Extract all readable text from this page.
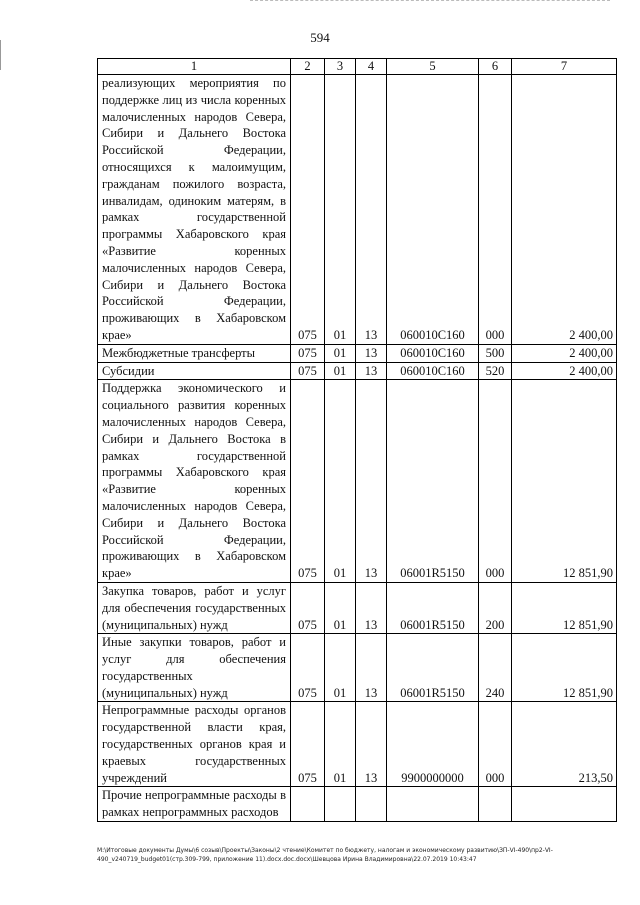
594
1	2	3	4	5	6	7
реализующих мероприятия по поддержке лиц из числа коренных малочисленных народов Севера, Сибири и Дальнего Востока Российской Федерации, относящихся к малоимущим, гражданам пожилого возраста, инвалидам, одиноким матерям, в рамках государственной программы Хабаровского края «Развитие коренных малочисленных народов Севера, Сибири и Дальнего Востока Российской Федерации, проживающих в Хабаровском крае»	075	01	13	060010С160	000	2 400,00
Межбюджетные трансферты	075	01	13	060010С160	500	2 400,00
Субсидии	075	01	13	060010С160	520	2 400,00
Поддержка экономического и социального развития коренных малочисленных народов Севера, Сибири и Дальнего Востока в рамках государственной программы Хабаровского края «Развитие коренных малочисленных народов Севера, Сибири и Дальнего Востока Российской Федерации, проживающих в Хабаровском крае»	075	01	13	06001R5150	000	12 851,90
Закупка товаров, работ и услуг для обеспечения государственных (муниципальных) нужд	075	01	13	06001R5150	200	12 851,90
Иные закупки товаров, работ и услуг для обеспечения государственных (муниципальных) нужд	075	01	13	06001R5150	240	12 851,90
Непрограммные расходы органов государственной власти края, государственных органов края и краевых государственных учреждений	075	01	13	9900000000	000	213,50
Прочие непрограммные расходы в рамках непрограммных расходов						
М:\Итоговые документы Думы\6 созыв\Проекты\Законы\2 чтение\Комитет по бюджету, налогам и экономическому развитию\ЗП-VI-490\пр2-VI-
490_v240719_budget01(стр.309-799, приложение 11).docx.doc.docx\Шевцова Ирина Владимировна\22.07.2019 10:43:47
